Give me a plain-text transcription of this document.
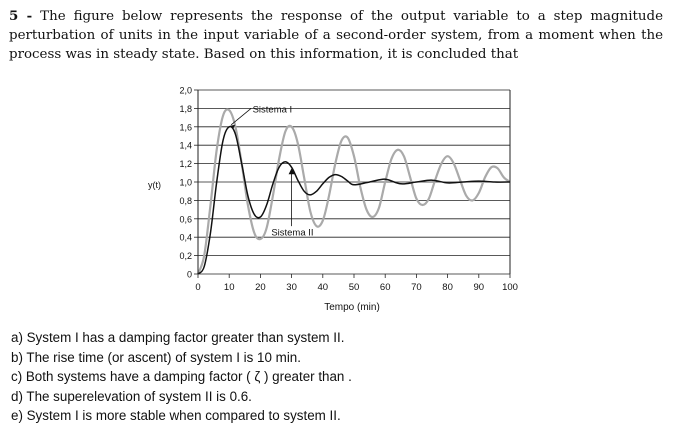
5 - The figure below represents the response of the output variable to a step magnitude perturbation of units in the input variable of a second-order system, from a moment when the process was in steady state. Based on this information, it is concluded that
0
0,2
0,4
0,6
0,8
1,0
1,2
1,4
1,6
1,8
2,0
0 10 20 30 40 50 60 70 80 90 100
Sistema I
Sistema II
Tempo (min)
y(t)
a) System I has a damping factor greater than system II.
b) The rise time (or ascent) of system I is 10 min.
c) Both systems have a damping factor ( ζ ) greater than .
d) The superelevation of system II is 0.6.
e) System I is more stable when compared to system II.
